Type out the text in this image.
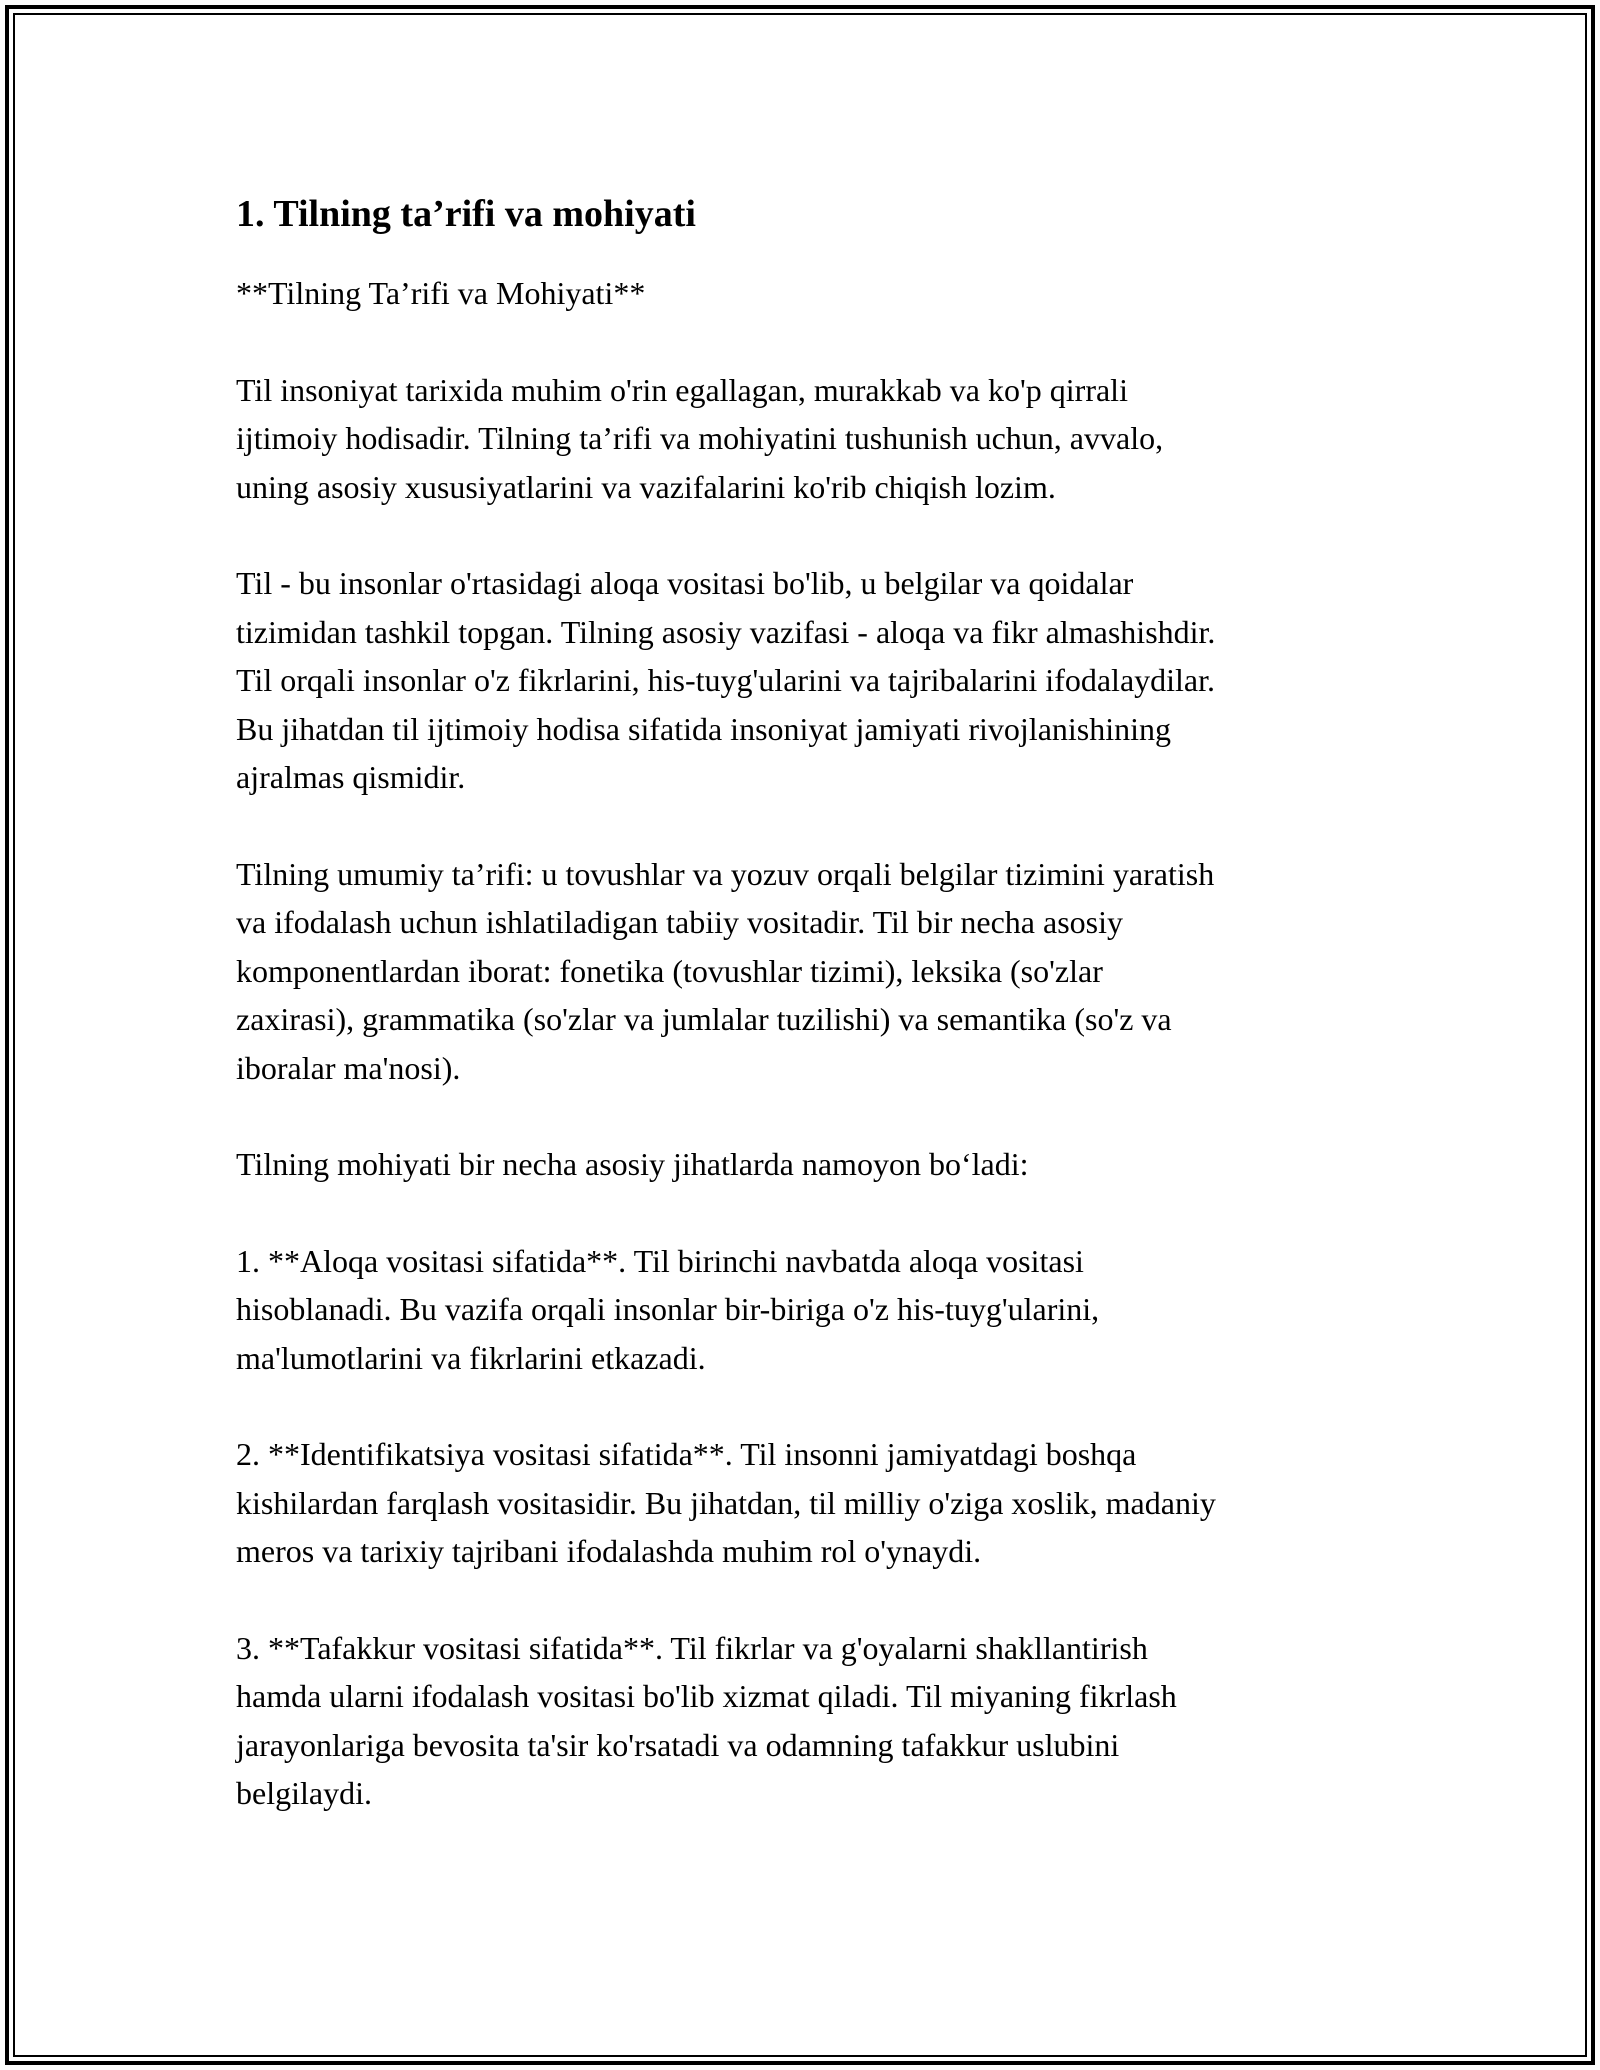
1. Tilning ta’rifi va mohiyati

**Tilning Ta’rifi va Mohiyati**

Til insoniyat tarixida muhim o'rin egallagan, murakkab va ko'p qirrali
ijtimoiy hodisadir. Tilning ta’rifi va mohiyatini tushunish uchun, avvalo,
uning asosiy xususiyatlarini va vazifalarini ko'rib chiqish lozim.

Til - bu insonlar o'rtasidagi aloqa vositasi bo'lib, u belgilar va qoidalar
tizimidan tashkil topgan. Tilning asosiy vazifasi - aloqa va fikr almashishdir.
Til orqali insonlar o'z fikrlarini, his-tuyg'ularini va tajribalarini ifodalaydilar.
Bu jihatdan til ijtimoiy hodisa sifatida insoniyat jamiyati rivojlanishining
ajralmas qismidir.

Tilning umumiy ta’rifi: u tovushlar va yozuv orqali belgilar tizimini yaratish
va ifodalash uchun ishlatiladigan tabiiy vositadir. Til bir necha asosiy
komponentlardan iborat: fonetika (tovushlar tizimi), leksika (so'zlar
zaxirasi), grammatika (so'zlar va jumlalar tuzilishi) va semantika (so'z va
iboralar ma'nosi).

Tilning mohiyati bir necha asosiy jihatlarda namoyon bo‘ladi:

1. **Aloqa vositasi sifatida**. Til birinchi navbatda aloqa vositasi
hisoblanadi. Bu vazifa orqali insonlar bir-biriga o'z his-tuyg'ularini,
ma'lumotlarini va fikrlarini etkazadi.

2. **Identifikatsiya vositasi sifatida**. Til insonni jamiyatdagi boshqa
kishilardan farqlash vositasidir. Bu jihatdan, til milliy o'ziga xoslik, madaniy
meros va tarixiy tajribani ifodalashda muhim rol o'ynaydi.

3. **Tafakkur vositasi sifatida**. Til fikrlar va g'oyalarni shakllantirish
hamda ularni ifodalash vositasi bo'lib xizmat qiladi. Til miyaning fikrlash
jarayonlariga bevosita ta'sir ko'rsatadi va odamning tafakkur uslubini
belgilaydi.
